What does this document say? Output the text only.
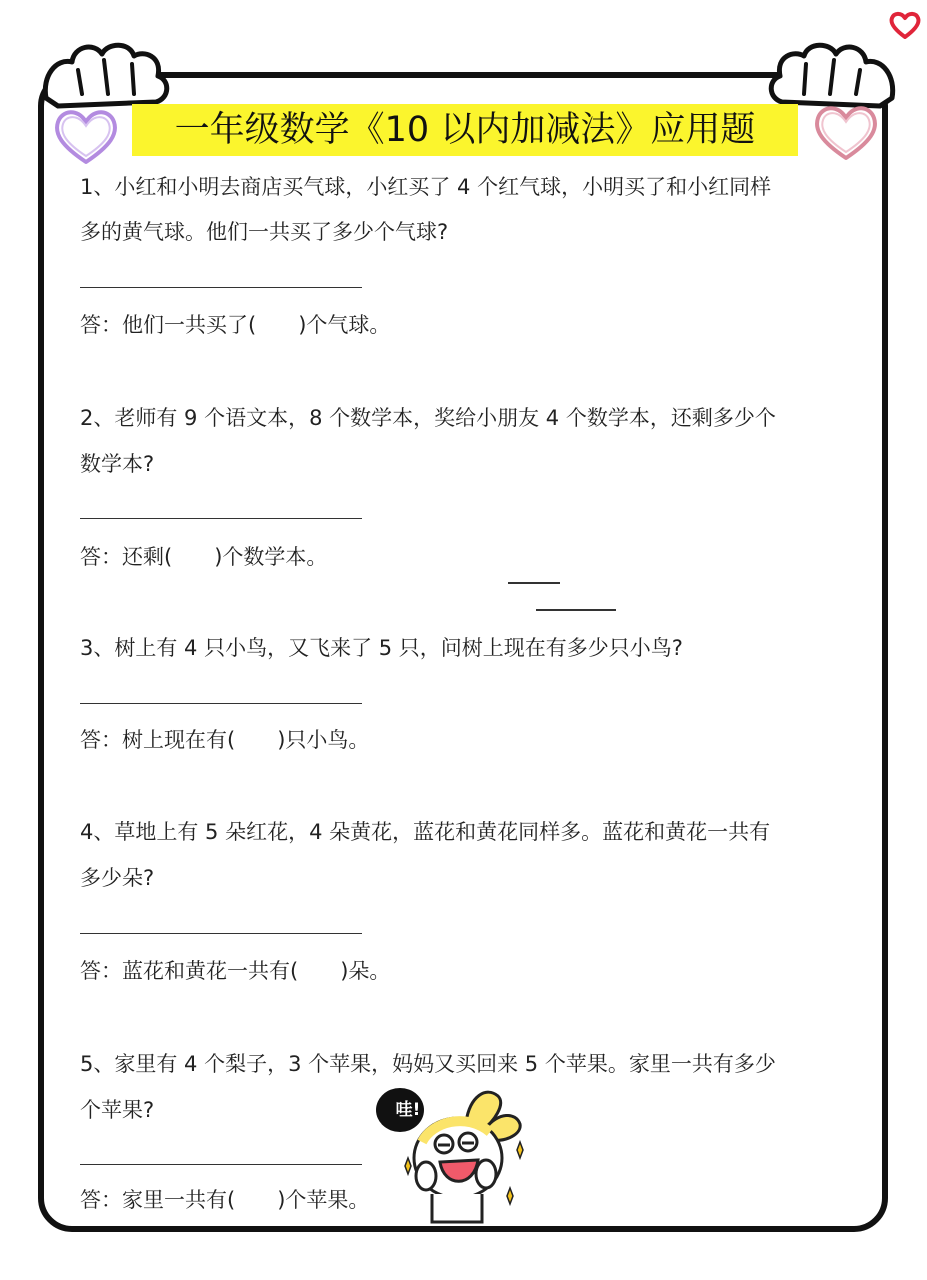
一年级数学《10 以内加减法》应用题
1、小红和小明去商店买气球，小红买了 4 个红气球，小明买了和小红同样
多的黄气球。他们一共买了多少个气球?
答：他们一共买了(　　)个气球。
2、老师有 9 个语文本，8 个数学本，奖给小朋友 4 个数学本，还剩多少个
数学本?
答：还剩(　　)个数学本。
3、树上有 4 只小鸟，又飞来了 5 只，问树上现在有多少只小鸟?
答：树上现在有(　　)只小鸟。
4、草地上有 5 朵红花，4 朵黄花，蓝花和黄花同样多。蓝花和黄花一共有
多少朵?
答：蓝花和黄花一共有(　　)朵。
5、家里有 4 个梨子，3 个苹果，妈妈又买回来 5 个苹果。家里一共有多少
个苹果?
答：家里一共有(　　)个苹果。
哇!
